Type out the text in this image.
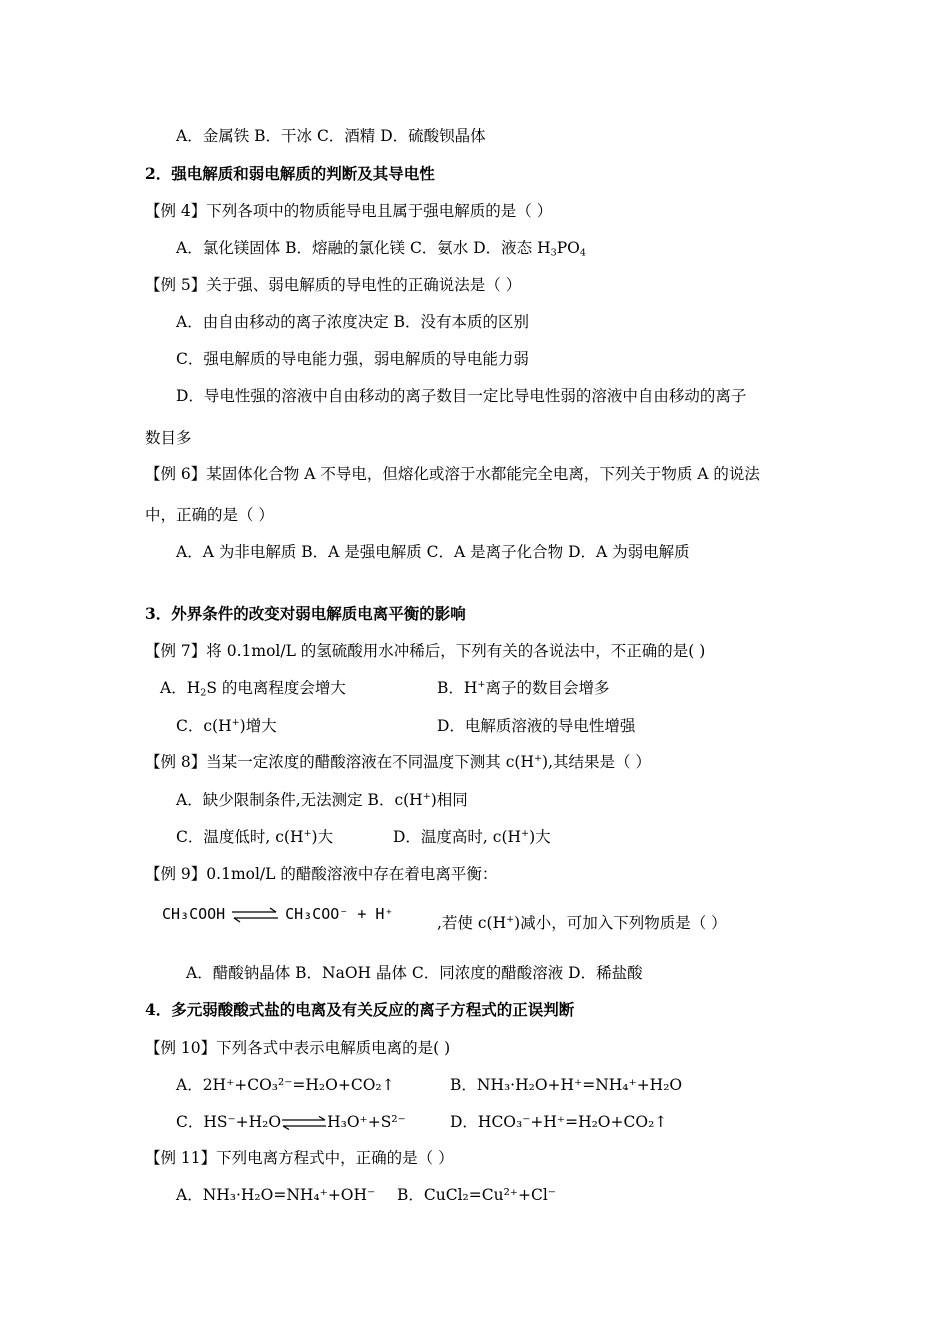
A．金属铁 B．干冰 C．酒精 D．硫酸钡晶体
2．强电解质和弱电解质的判断及其导电性
【例 4】下列各项中的物质能导电且属于强电解质的是（ ）
A．氯化镁固体 B．熔融的氯化镁 C．氨水 D．液态 $H_3PO_4$
【例 5】关于强、弱电解质的导电性的正确说法是（ ）
A．由自由移动的离子浓度决定 B．没有本质的区别
C．强电解质的导电能力强，弱电解质的导电能力弱
D．导电性强的溶液中自由移动的离子数目一定比导电性弱的溶液中自由移动的离子
数目多
【例 6】某固体化合物 A 不导电，但熔化或溶于水都能完全电离，下列关于物质 A 的说法
中，正确的是（ ）
A．A 为非电解质 B．A 是强电解质 C．A 是离子化合物 D．A 为弱电解质
3．外界条件的改变对弱电解质电离平衡的影响
【例 7】将 0.1mol/L 的氢硫酸用水冲稀后，下列有关的各说法中，不正确的是( )
A．$H_2S$ 的电离程度会增大	B．H+离子的数目会增多
C．c(H+)增大	D．电解质溶液的导电性增强
【例 8】当某一定浓度的醋酸溶液在不同温度下测其 c(H+),其结果是（ ）
A．缺少限制条件,无法测定 B．c(H+)相同
C．温度低时, c(H+)大	D．温度高时, c(H+)大
【例 9】0.1mol/L 的醋酸溶液中存在着电离平衡：
CH₃COOH ⇌ CH₃COO⁻ + H⁺	,若使 c(H+)减小，可加入下列物质是（ ）
A．醋酸钠晶体 B．NaOH 晶体 C．同浓度的醋酸溶液 D．稀盐酸
4．多元弱酸酸式盐的电离及有关反应的离子方程式的正误判断
【例 10】下列各式中表示电解质电离的是( )
A．2H⁺+CO₃²⁻=H₂O+CO₂↑	B．NH₃·H₂O+H⁺=NH₄⁺+H₂O
C．HS⁻+H₂O⇌H₃O⁺+S²⁻	D．HCO₃⁻+H⁺=H₂O+CO₂↑
【例 11】下列电离方程式中，正确的是（ ）
A．NH₃·H₂O=NH₄⁺+OH⁻ B．CuCl₂=Cu²⁺+Cl⁻
